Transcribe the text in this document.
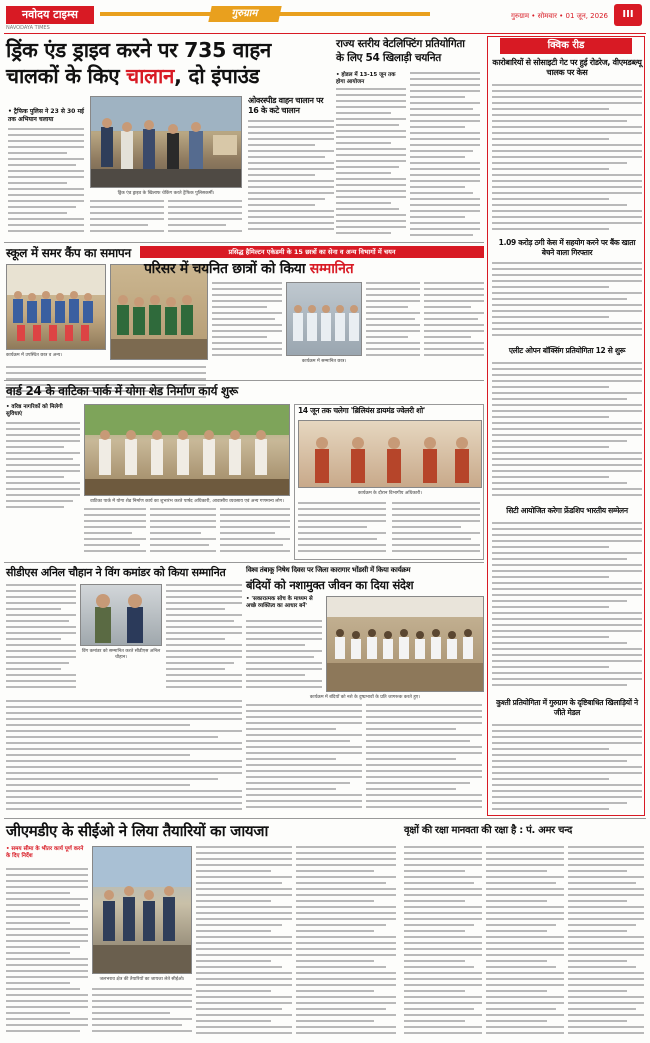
नवोदय टाइम्स
NAVODAYA TIMES
गुरुग्राम	गुरुग्राम • सोमवार • 01 जून, 2026	III
ड्रिंक एंड ड्राइव करने पर 735 वाहन
चालकों के किए चालान, दो इंपाउंड
• ट्रैफिक पुलिस ने 23 से 30 मई तक अभियान चलाया
ड्रिंक एंड ड्राइव के खिलाफ चेकिंग करते ट्रैफिक पुलिसकर्मी।
ओवरस्पीड वाहन चालान पर 16 के कटे चालान
राज्य स्तरीय वेटलिफ्टिंग प्रतियोगिता
के लिए 54 खिलाड़ी चयनित
• होडल में 13-15 जून तक होगा आयोजन
क्विक रीड
कारोबारियों से सोसाइटी गेट पर हुई रोडरेज, वीएमडब्ल्यू चालक पर केस
1.09 करोड़ ठगी केस में सहयोग करने पर बैंक खाता बेचने वाला गिरफ्तार
एलीट ओपन बॉक्सिंग प्रतियोगिता 12 से शुरू
सिटी आयोजित करेगा फ्रेंडशिप भारतीय सम्मेलन
कुश्ती प्रतियोगिता में गुरुग्राम के दृष्टिबाधित खिलाड़ियों ने जीते मेडल
स्कूल में समर कैंप का समापन
कार्यक्रम में उपस्थित छात्र व अन्य।
प्रसिद्ध हैमिल्टन एकेडमी के 15 छात्रों का सेना व अन्य विभागों में चयन
परिसर में चयनित छात्रों को किया सम्मानित
कार्यक्रम में सम्मानित छात्र।
वार्ड 24 के वाटिका पार्क में योगा शेड निर्माण कार्य शुरू
• वरिष्ठ नागरिकों को मिलेगी सुविधाएं
वाटिका पार्क में योगा शेड निर्माण कार्य का शुभारंभ करते पार्षद अधिकारी, आवासीय व्यवसाय एवं अन्य गणमान्य लोग।
14 जून तक चलेगा 'ब्रिलियंस डायमंड ज्वेलरी शो'
कार्यक्रम के दौरान विभागीय अधिकारी।
सीडीएस अनिल चौहान ने विंग कमांडर को किया सम्मानित
विंग कमांडर को सम्मानित करते सीडीएस अनिल चौहान।
विश्व तंबाकू निषेध दिवस पर जिला कारागार भोंडसी में किया कार्यक्रम
बंदियों को नशामुक्त जीवन का दिया संदेश
• 'सकारात्मक सोच के माध्यम से अच्छे व्यक्तित्व का आधार बनें'
कार्यक्रम में बंदियों को नशे के दुष्प्रभावों के प्रति जागरूक करते हुए।
जीएमडीए के सीईओ ने लिया तैयारियों का जायजा
• समय सीमा के भीतर कार्य पूर्ण करने के दिए निर्देश
जलभराव क्षेत्र की तैयारियों का जायजा लेते सीईओ।
वृक्षों की रक्षा मानवता की रक्षा है : पं. अमर चन्द
